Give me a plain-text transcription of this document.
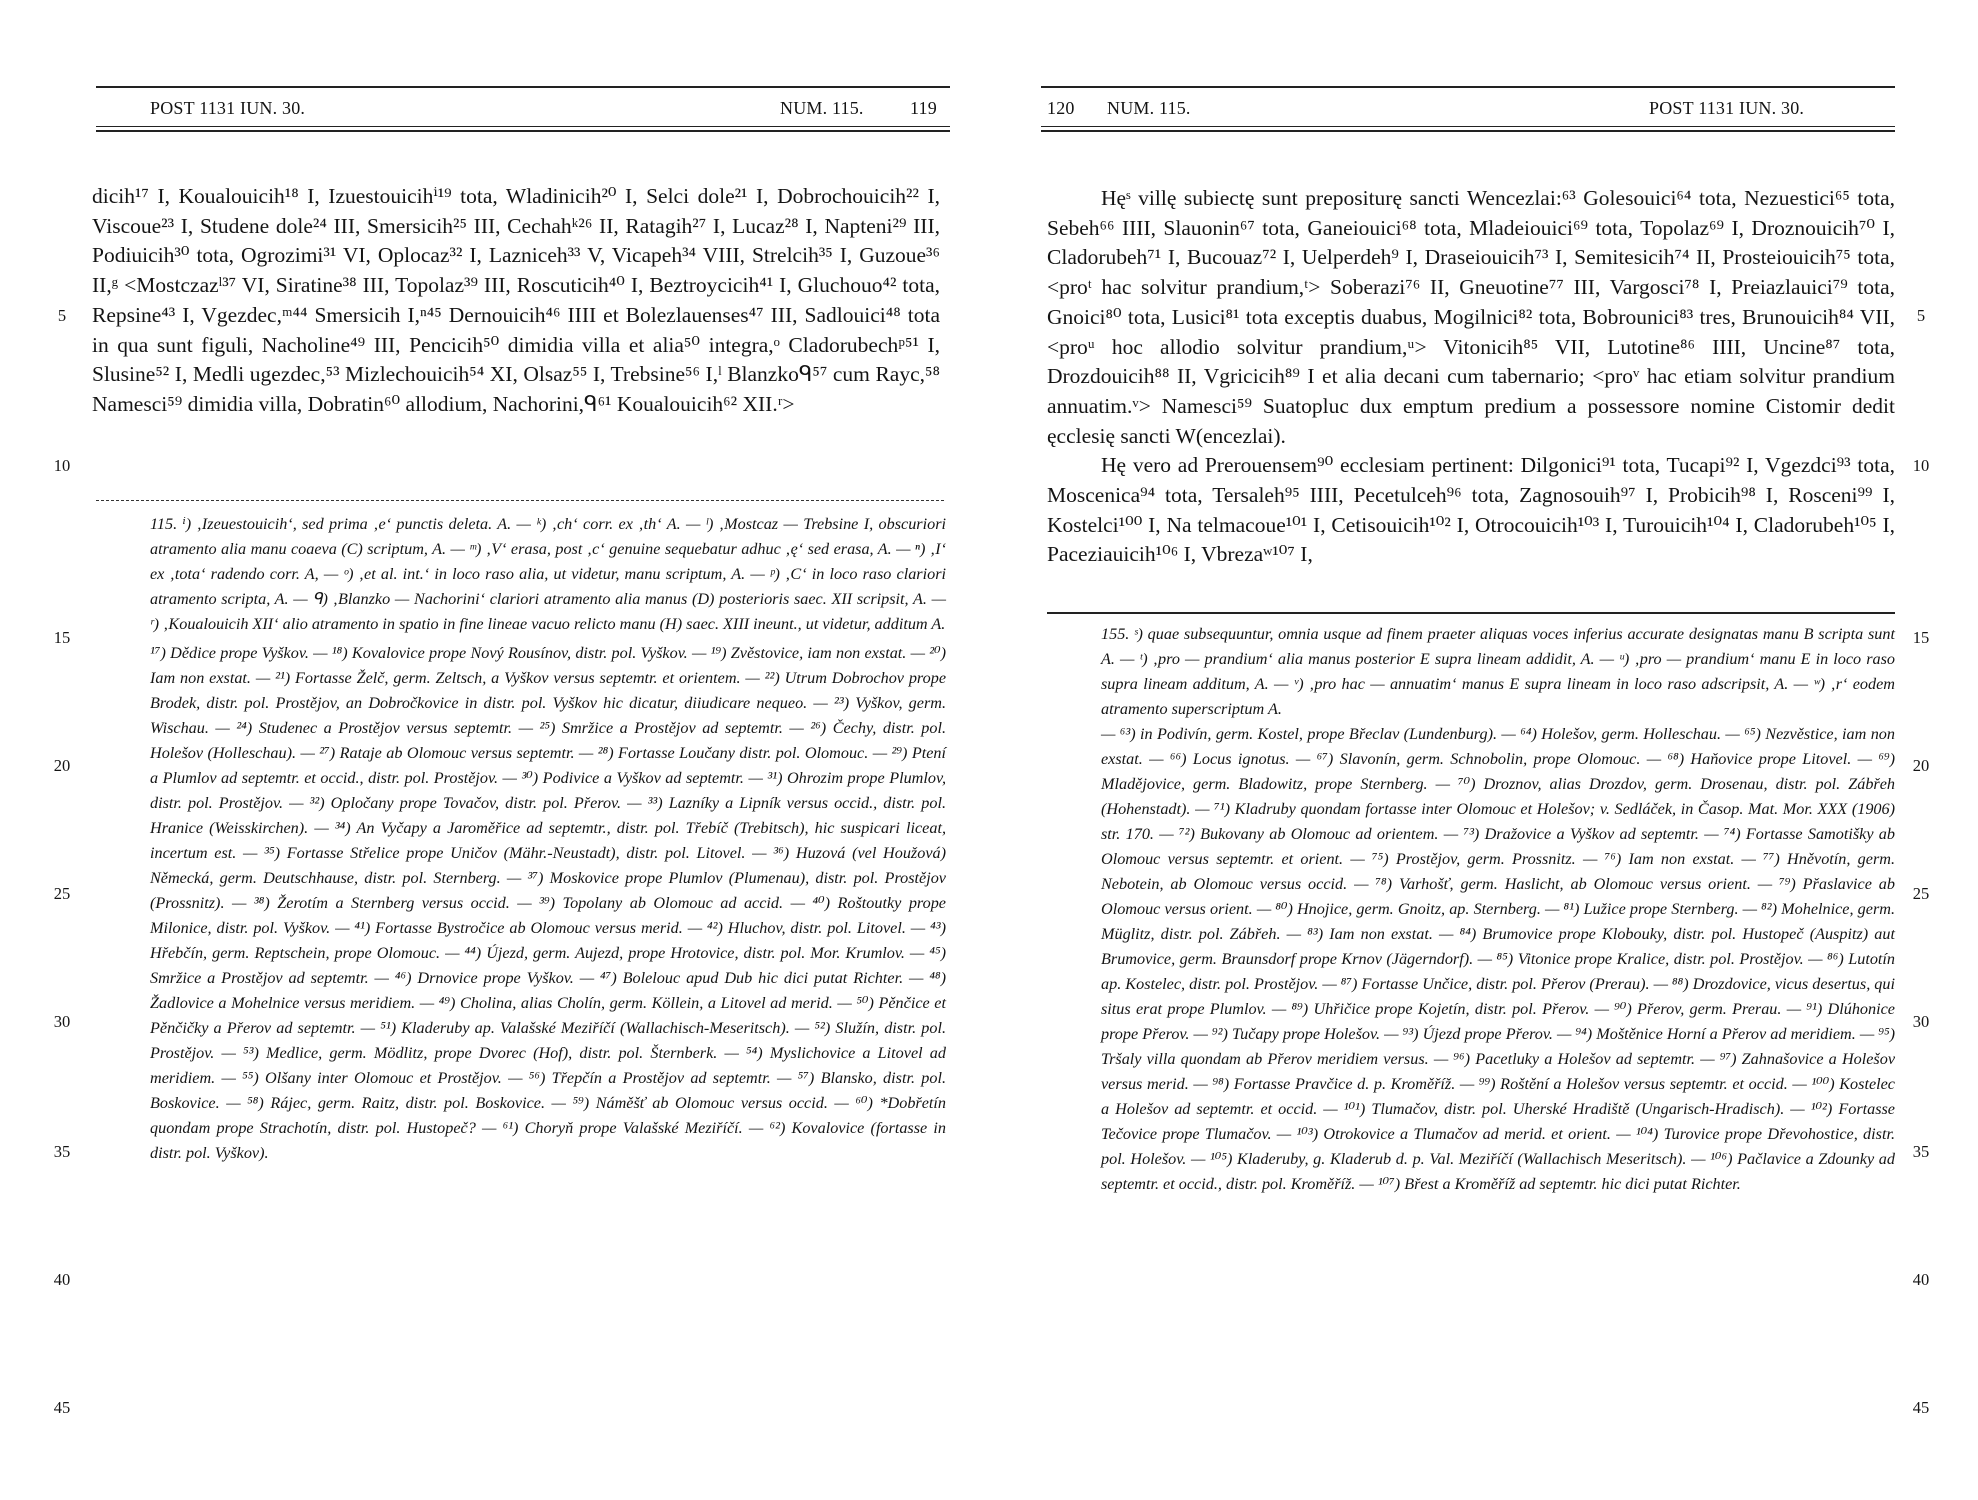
POST 1131 IUN. 30.	NUM. 115.	119

dicih¹⁷ I, Koualouicih¹⁸ I, Izuestouicihⁱ¹⁹ tota, Wladinicih²⁰ I, Selci dole²¹ I, Dobrochouicih²² I, Viscoue²³ I, Studene dole²⁴ III, Smersicih²⁵ III, Cechahᵏ²⁶ II, Ratagih²⁷ I, Lucaz²⁸ I, Napteni²⁹ III, Podiuicih³⁰ tota, Ogrozimi³¹ VI, Oplocaz³² I, Lazniceh³³ V, Vicapeh³⁴ VIII, Strelcih³⁵ I, Guzoue³⁶ II,ᵍ <Mostczazˡ³⁷ VI, Siratine³⁸ III, Topolaz³⁹ III, Roscuticih⁴⁰ I, Beztroycicih⁴¹ I, Gluchouo⁴² tota, Repsine⁴³ I, Vgezdec,ᵐ⁴⁴ Smersicih I,ⁿ⁴⁵ Dernouicih⁴⁶ IIII et Bolezlauenses⁴⁷ III, Sadlouici⁴⁸ tota in qua sunt figuli, Nacholine⁴⁹ III, Pencicih⁵⁰ dimidia villa et alia⁵⁰ integra,ᵒ Cladorubechᵖ⁵¹ I, Slusine⁵² I, Medli ugezdec,⁵³ Mizlechouicih⁵⁴ XI, Olsaz⁵⁵ I, Trebsine⁵⁶ I,ˡ Blanzkoᑫ⁵⁷ cum Rayc,⁵⁸ Namesci⁵⁹ dimidia villa, Dobratin⁶⁰ allodium, Nachorini,ᑫ⁶¹ Koualouicih⁶² XII.ʳ>

115. ⁱ) ‚Izeuestouicih‘, sed prima ‚e‘ punctis deleta. A. — ᵏ) ‚ch‘ corr. ex ‚th‘ A. — ˡ) ‚Mostcaz — Trebsine I, obscuriori atramento alia manu coaeva (C) scriptum, A. — ᵐ) ‚V‘ erasa, post ‚c‘ genuine sequebatur adhuc ‚ę‘ sed erasa, A. — ⁿ) ‚I‘ ex ‚tota‘ radendo corr. A, — ᵒ) ‚et al. int.‘ in loco raso alia, ut videtur, manu scriptum, A. — ᵖ) ‚C‘ in loco raso clariori atramento scripta, A. — ᑫ) ‚Blanzko — Nachorini‘ clariori atramento alia manus (D) posterioris saec. XII scripsit, A. — ʳ) ‚Koualouicih XII‘ alio atramento in spatio in fine lineae vacuo relicto manu (H) saec. XIII ineunt., ut videtur, additum A.

¹⁷) Dědice prope Vyškov. — ¹⁸) Kovalovice prope Nový Rousínov, distr. pol. Vyškov. — ¹⁹) Zvěstovice, iam non exstat. — ²⁰) Iam non exstat. — ²¹) Fortasse Želč, germ. Zeltsch, a Vyškov versus septemtr. et orientem. — ²²) Utrum Dobrochov prope Brodek, distr. pol. Prostějov, an Dobročkovice in distr. pol. Vyškov hic dicatur, diiudicare nequeo. — ²³) Vyškov, germ. Wischau. — ²⁴) Studenec a Prostějov versus septemtr. — ²⁵) Smržice a Prostějov ad septemtr. — ²⁶) Čechy, distr. pol. Holešov (Holleschau). — ²⁷) Rataje ab Olomouc versus septemtr. — ²⁸) Fortasse Loučany distr. pol. Olomouc. — ²⁹) Ptení a Plumlov ad septemtr. et occid., distr. pol. Prostějov. — ³⁰) Podivice a Vyškov ad septemtr. — ³¹) Ohrozim prope Plumlov, distr. pol. Prostějov. — ³²) Opločany prope Tovačov, distr. pol. Přerov. — ³³) Lazníky a Lipník versus occid., distr. pol. Hranice (Weisskirchen). — ³⁴) An Vyčapy a Jaroměřice ad septemtr., distr. pol. Třebíč (Trebitsch), hic suspicari liceat, incertum est. — ³⁵) Fortasse Střelice prope Uničov (Mähr.-Neustadt), distr. pol. Litovel. — ³⁶) Huzová (vel Houžová) Německá, germ. Deutschhause, distr. pol. Sternberg. — ³⁷) Moskovice prope Plumlov (Plumenau), distr. pol. Prostějov (Prossnitz). — ³⁸) Žerotím a Sternberg versus occid. — ³⁹) Topolany ab Olomouc ad accid. — ⁴⁰) Roštoutky prope Milonice, distr. pol. Vyškov. — ⁴¹) Fortasse Bystročice ab Olomouc versus merid. — ⁴²) Hluchov, distr. pol. Litovel. — ⁴³) Hřebčín, germ. Reptschein, prope Olomouc. — ⁴⁴) Újezd, germ. Aujezd, prope Hrotovice, distr. pol. Mor. Krumlov. — ⁴⁵) Smržice a Prostějov ad septemtr. — ⁴⁶) Drnovice prope Vyškov. — ⁴⁷) Bolelouc apud Dub hic dici putat Richter. — ⁴⁸) Žadlovice a Mohelnice versus meridiem. — ⁴⁹) Cholina, alias Cholín, germ. Köllein, a Litovel ad merid. — ⁵⁰) Pěnčice et Pěnčičky a Přerov ad septemtr. — ⁵¹) Kladeruby ap. Valašské Meziříčí (Wallachisch-Meseritsch). — ⁵²) Služín, distr. pol. Prostějov. — ⁵³) Medlice, germ. Mödlitz, prope Dvorec (Hof), distr. pol. Šternberk. — ⁵⁴) Myslichovice a Litovel ad meridiem. — ⁵⁵) Olšany inter Olomouc et Prostějov. — ⁵⁶) Třepčín a Prostějov ad septemtr. — ⁵⁷) Blansko, distr. pol. Boskovice. — ⁵⁸) Rájec, germ. Raitz, distr. pol. Boskovice. — ⁵⁹) Náměšť ab Olomouc versus occid. — ⁶⁰) *Dobřetín quondam prope Strachotín, distr. pol. Hustopeč? — ⁶¹) Choryň prope Valašské Meziříčí. — ⁶²) Kovalovice (fortasse in distr. pol. Vyškov).

5
10
15
20
25
30
35
40
45
120 NUM. 115.	POST 1131 IUN. 30.

Hęˢ villę subiectę sunt prepositurę sancti Wencezlai:⁶³ Golesouici⁶⁴ tota, Nezuestici⁶⁵ tota, Sebeh⁶⁶ IIII, Slauonin⁶⁷ tota, Ganeiouici⁶⁸ tota, Mladeiouici⁶⁹ tota, Topolaz⁶⁹ I, Droznouicih⁷⁰ I, Cladorubeh⁷¹ I, Bucouaz⁷² I, Uelperdeh⁹ I, Draseiouicih⁷³ I, Semitesicih⁷⁴ II, Prosteiouicih⁷⁵ tota, <proᵗ hac solvitur prandium,ᵗ> Soberazi⁷⁶ II, Gneuotine⁷⁷ III, Vargosci⁷⁸ I, Preiazlauici⁷⁹ tota, Gnoici⁸⁰ tota, Lusici⁸¹ tota exceptis duabus, Mogilnici⁸² tota, Bobrounici⁸³ tres, Brunouicih⁸⁴ VII, <proᵘ hoc allodio solvitur prandium,ᵘ> Vitonicih⁸⁵ VII, Lutotine⁸⁶ IIII, Uncine⁸⁷ tota, Drozdouicih⁸⁸ II, Vgricicih⁸⁹ I et alia decani cum tabernario; <proᵛ hac etiam solvitur prandium annuatim.ᵛ> Namesci⁵⁹ Suatopluc dux emptum predium a possessore nomine Cistomir dedit ęcclesię sancti W(encezlai).

Hę vero ad Prerouensem⁹⁰ ecclesiam pertinent: Dilgonici⁹¹ tota, Tucapi⁹² I, Vgezdci⁹³ tota, Moscenica⁹⁴ tota, Tersaleh⁹⁵ IIII, Pecetulceh⁹⁶ tota, Zagnosouih⁹⁷ I, Probicih⁹⁸ I, Rosceni⁹⁹ I, Kostelci¹⁰⁰ I, Na telmacoue¹⁰¹ I, Cetisouicih¹⁰² I, Otrocouicih¹⁰³ I, Turouicih¹⁰⁴ I, Cladorubeh¹⁰⁵ I, Paceziauicih¹⁰⁶ I, Vbrezaʷ¹⁰⁷ I,

155. ˢ) quae subsequuntur, omnia usque ad finem praeter aliquas voces inferius accurate designatas manu B scripta sunt A. — ᵗ) ‚pro — prandium‘ alia manus posterior E supra lineam addidit, A. — ᵘ) ‚pro — prandium‘ manu E in loco raso supra lineam additum, A. — ᵛ) ‚pro hac — annuatim‘ manus E supra lineam in loco raso adscripsit, A. — ʷ) ‚r‘ eodem atramento superscriptum A.

— ⁶³) in Podivín, germ. Kostel, prope Břeclav (Lundenburg). — ⁶⁴) Holešov, germ. Holleschau. — ⁶⁵) Nezvěstice, iam non exstat. — ⁶⁶) Locus ignotus. — ⁶⁷) Slavonín, germ. Schnobolin, prope Olomouc. — ⁶⁸) Haňovice prope Litovel. — ⁶⁹) Mladějovice, germ. Bladowitz, prope Sternberg. — ⁷⁰) Droznov, alias Drozdov, germ. Drosenau, distr. pol. Zábřeh (Hohenstadt). — ⁷¹) Kladruby quondam fortasse inter Olomouc et Holešov; v. Sedláček, in Časop. Mat. Mor. XXX (1906) str. 170. — ⁷²) Bukovany ab Olomouc ad orientem. — ⁷³) Dražovice a Vyškov ad septemtr. — ⁷⁴) Fortasse Samotišky ab Olomouc versus septemtr. et orient. — ⁷⁵) Prostějov, germ. Prossnitz. — ⁷⁶) Iam non exstat. — ⁷⁷) Hněvotín, germ. Nebotein, ab Olomouc versus occid. — ⁷⁸) Varhošť, germ. Haslicht, ab Olomouc versus orient. — ⁷⁹) Přaslavice ab Olomouc versus orient. — ⁸⁰) Hnojice, germ. Gnoitz, ap. Sternberg. — ⁸¹) Lužice prope Sternberg. — ⁸²) Mohelnice, germ. Müglitz, distr. pol. Zábřeh. — ⁸³) Iam non exstat. — ⁸⁴) Brumovice prope Klobouky, distr. pol. Hustopeč (Auspitz) aut Brumovice, germ. Braunsdorf prope Krnov (Jägerndorf). — ⁸⁵) Vitonice prope Kralice, distr. pol. Prostějov. — ⁸⁶) Lutotín ap. Kostelec, distr. pol. Prostějov. — ⁸⁷) Fortasse Unčice, distr. pol. Přerov (Prerau). — ⁸⁸) Drozdovice, vicus desertus, qui situs erat prope Plumlov. — ⁸⁹) Uhřičice prope Kojetín, distr. pol. Přerov. — ⁹⁰) Přerov, germ. Prerau. — ⁹¹) Dlúhonice prope Přerov. — ⁹²) Tučapy prope Holešov. — ⁹³) Újezd prope Přerov. — ⁹⁴) Moštěnice Horní a Přerov ad meridiem. — ⁹⁵) Tršaly villa quondam ab Přerov meridiem versus. — ⁹⁶) Pacetluky a Holešov ad septemtr. — ⁹⁷) Zahnašovice a Holešov versus merid. — ⁹⁸) Fortasse Pravčice d. p. Kroměříž. — ⁹⁹) Roštění a Holešov versus septemtr. et occid. — ¹⁰⁰) Kostelec a Holešov ad septemtr. et occid. — ¹⁰¹) Tlumačov, distr. pol. Uherské Hradiště (Ungarisch-Hradisch). — ¹⁰²) Fortasse Tečovice prope Tlumačov. — ¹⁰³) Otrokovice a Tlumačov ad merid. et orient. — ¹⁰⁴) Turovice prope Dřevohostice, distr. pol. Holešov. — ¹⁰⁵) Kladeruby, g. Kladerub d. p. Val. Meziříčí (Wallachisch Meseritsch). — ¹⁰⁶) Pačlavice a Zdounky ad septemtr. et occid., distr. pol. Kroměříž. — ¹⁰⁷) Břest a Kroměříž ad septemtr. hic dici putat Richter.

5
10
15
20
25
30
35
40
45
